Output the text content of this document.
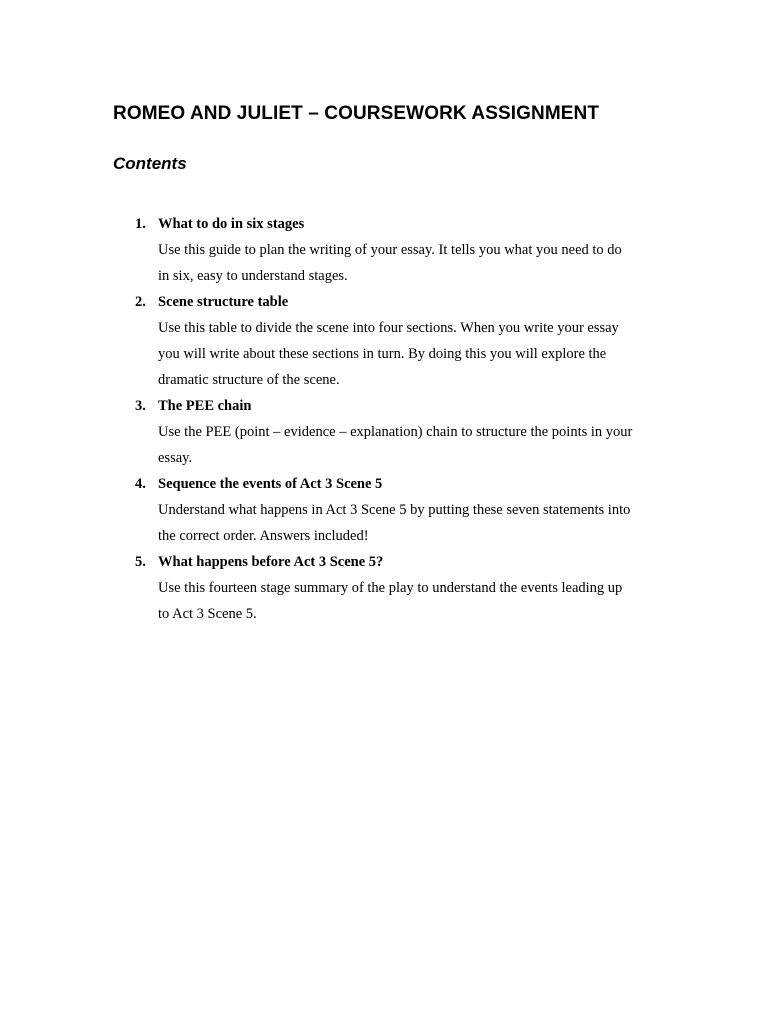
ROMEO AND JULIET – COURSEWORK ASSIGNMENT
Contents
1. What to do in six stages
Use this guide to plan the writing of your essay. It tells you what you need to do
in six, easy to understand stages.
2. Scene structure table
Use this table to divide the scene into four sections. When you write your essay
you will write about these sections in turn. By doing this you will explore the
dramatic structure of the scene.
3. The PEE chain
Use the PEE (point – evidence – explanation) chain to structure the points in your
essay.
4. Sequence the events of Act 3 Scene 5
Understand what happens in Act 3 Scene 5 by putting these seven statements into
the correct order. Answers included!
5. What happens before Act 3 Scene 5?
Use this fourteen stage summary of the play to understand the events leading up
to Act 3 Scene 5.
